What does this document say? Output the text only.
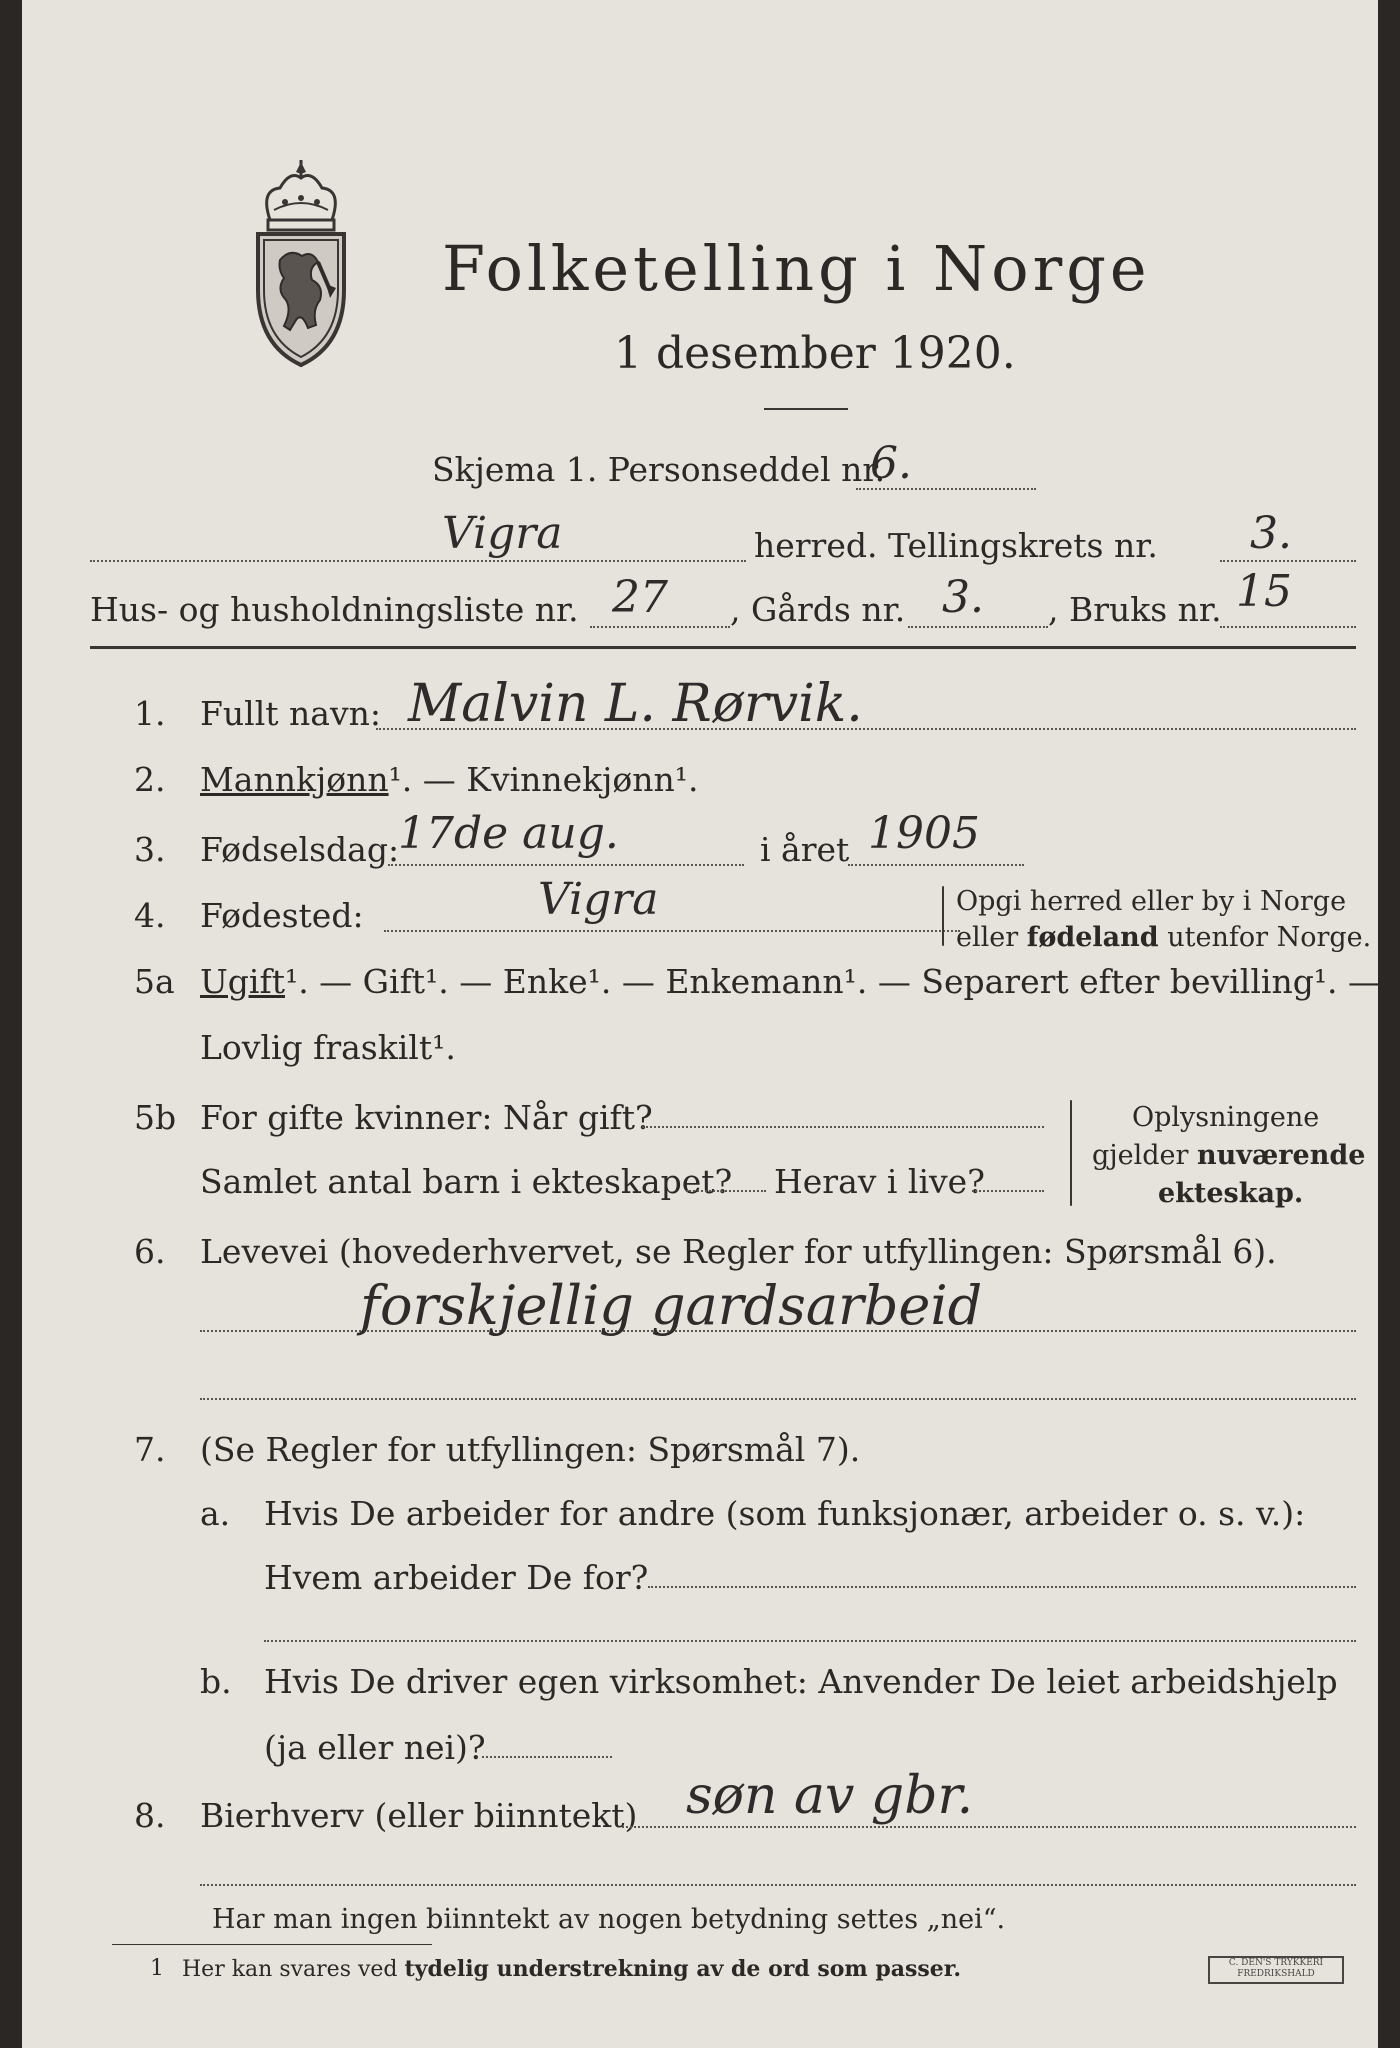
Folketelling i Norge
1 desember 1920.
Skjema 1. Personseddel nr.
6.
Vigra	herred. Tellingskrets nr. 3.
Hus- og husholdningsliste nr. 27 , Gårds nr. 3. , Bruks nr. 15
1. Fullt navn: Malvin L. Rørvik.
2. Mannkjønn¹. — Kvinnekjønn¹.
3. Fødselsdag:
17de aug.	i året 1905
4. Fødested:	Vigra	Opgi herred eller by i Norge
eller fødeland utenfor Norge.
5a Ugift¹. — Gift¹. — Enke¹. — Enkemann¹. — Separert efter bevilling¹. —
Lovlig fraskilt¹.
5b For gifte kvinner: Når gift?
Samlet antal barn i ekteskapet? Herav i live?
Oplysningene
gjelder nuværende
ekteskap.
6. Levevei (hovederhvervet, se Regler for utfyllingen: Spørsmål 6).
forskjellig gardsarbeid
7. (Se Regler for utfyllingen: Spørsmål 7).
a. Hvis De arbeider for andre (som funksjonær, arbeider o. s. v.):
Hvem arbeider De for?
b. Hvis De driver egen virksomhet: Anvender De leiet arbeidshjelp
(ja eller nei)?
8. Bierhverv (eller biinntekt) søn av gbr.
Har man ingen biinntekt av nogen betydning settes „nei“.
1 Her kan svares ved tydelig understrekning av de ord som passer.	C. DEN'S TRYKKERI
FREDRIKSHALD
